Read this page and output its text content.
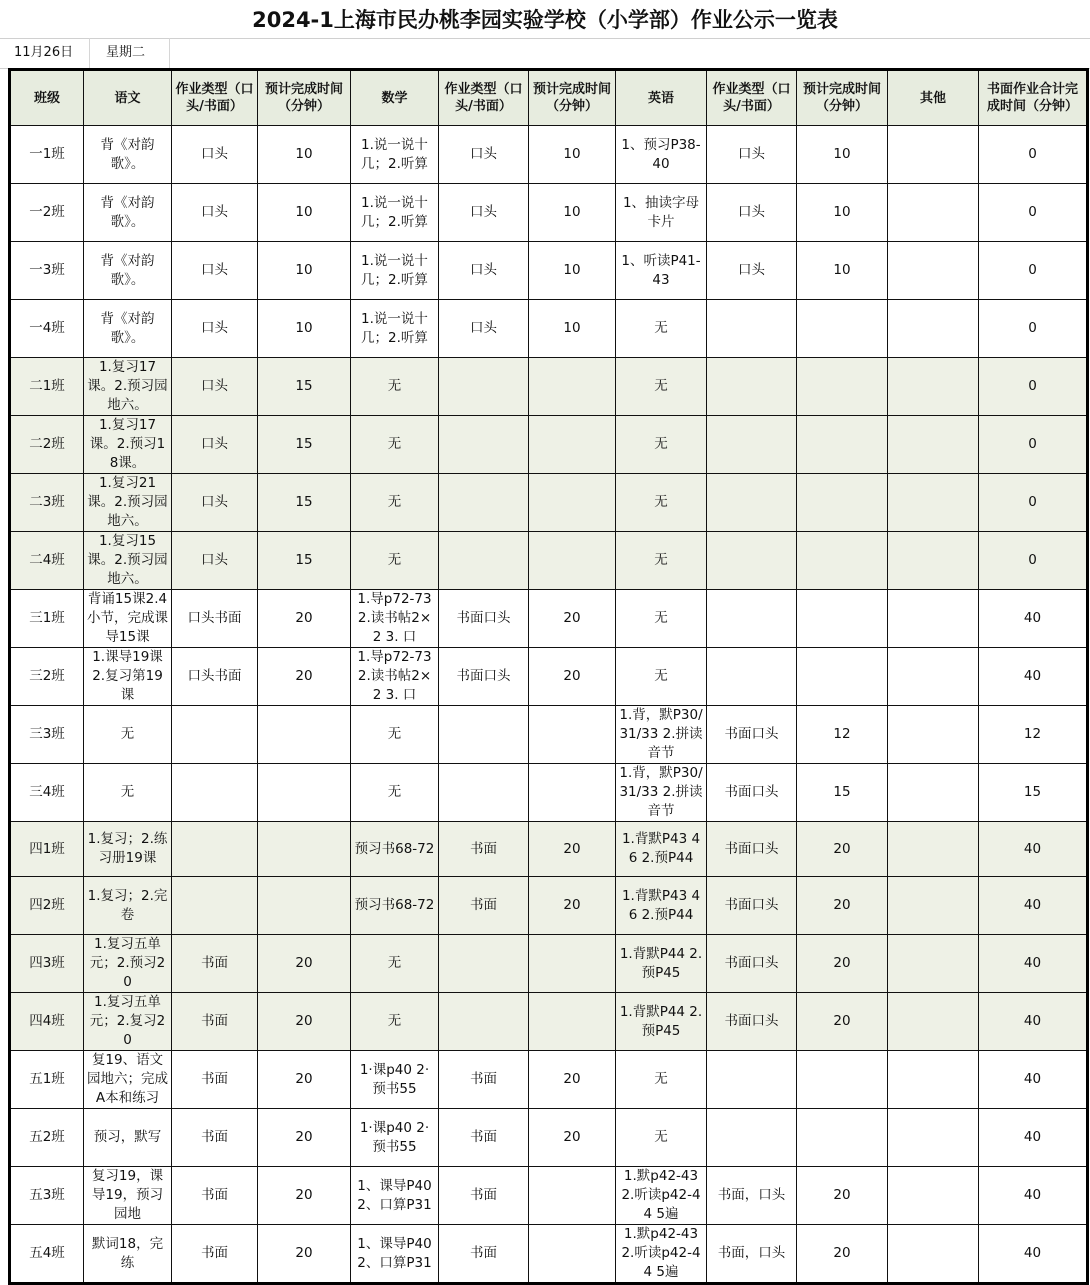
2024-1上海市民办桃李园实验学校（小学部）作业公示一览表
11月26日	星期二
班级	语文	作业类型（口头/书面）	预计完成时间（分钟）	数学	作业类型（口头/书面）	预计完成时间（分钟）	英语	作业类型（口头/书面）	预计完成时间（分钟）	其他	书面作业合计完成时间（分钟）

一1班	背《对韵歌》。	口头	10	1.说一说十几；2.听算	口头	10	1、预习P38-40	口头	10		0

一2班	背《对韵歌》。	口头	10	1.说一说十几；2.听算	口头	10	1、抽读字母卡片	口头	10		0

一3班	背《对韵歌》。	口头	10	1.说一说十几；2.听算	口头	10	1、听读P41-43	口头	10		0

一4班	背《对韵歌》。	口头	10	1.说一说十几；2.听算	口头	10	无				0

二1班	1.复习17课。2.预习园地六。	口头	15	无			无				0

二2班	1.复习17课。2.预习18课。	口头	15	无			无				0

二3班	1.复习21课。2.预习园地六。	口头	15	无			无				0

二4班	1.复习15课。2.预习园地六。	口头	15	无			无				0

三1班	背诵15课2.4小节，完成课导15课	口头书面	20	1.导p72-73 2.读书帖2×2 3. 口	书面口头	20	无				40

三2班	1.课导19课 2.复习第19课	口头书面	20	1.导p72-73 2.读书帖2×2 3. 口	书面口头	20	无				40

三3班	无			无			1.背，默P30/31/33 2.拼读音节	书面口头	12		12

三4班	无			无			1.背，默P30/31/33 2.拼读音节	书面口头	15		15

四1班	1.复习；2.练习册19课			预习书68-72	书面	20	1.背默P43 46 2.预P44	书面口头	20		40

四2班	1.复习；2.完卷			预习书68-72	书面	20	1.背默P43 46 2.预P44	书面口头	20		40

四3班	1.复习五单元；2.预习20	书面	20	无			1.背默P44 2.预P45	书面口头	20		40

四4班	1.复习五单元；2.复习20	书面	20	无			1.背默P44 2.预P45	书面口头	20		40

五1班	复19、语文园地六；完成A本和练习	书面	20	1·课p40 2·预书55	书面	20	无				40

五2班	预习，默写	书面	20	1·课p40 2·预书55	书面	20	无				40

五3班	复习19，课导19，预习园地	书面	20	1、课导P40 2、口算P31	书面		1.默p42-43 2.听读p42-44 5遍	书面，口头	20		40

五4班	默词18，完练	书面	20	1、课导P40 2、口算P31	书面		1.默p42-43 2.听读p42-44 5遍	书面，口头	20		40
